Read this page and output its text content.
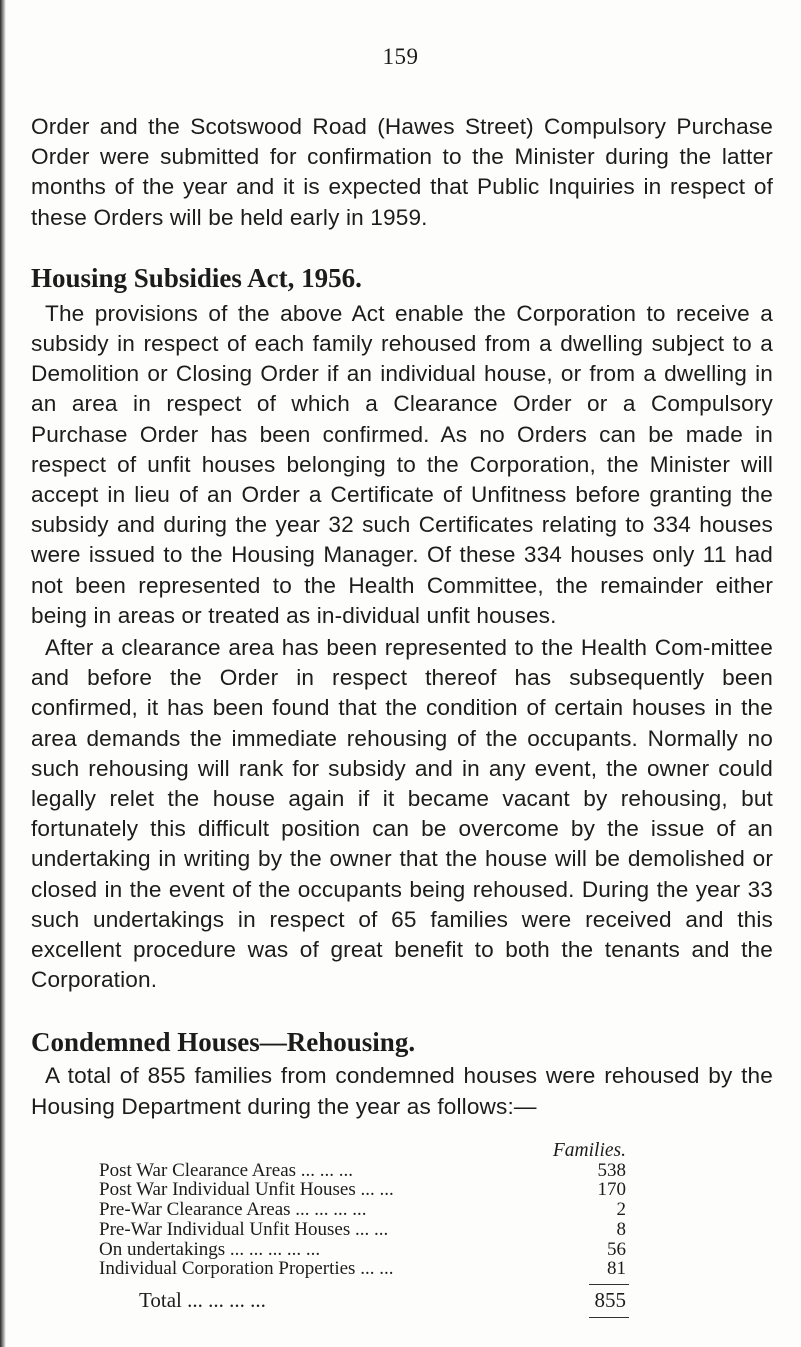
159

Order and the Scotswood Road (Hawes Street) Compulsory Purchase Order were submitted for confirmation to the Minister during the latter months of the year and it is expected that Public Inquiries in respect of these Orders will be held early in 1959.

Housing Subsidies Act, 1956.

The provisions of the above Act enable the Corporation to receive a subsidy in respect of each family rehoused from a dwelling subject to a Demolition or Closing Order if an individual house, or from a dwelling in an area in respect of which a Clearance Order or a Compulsory Purchase Order has been confirmed. As no Orders can be made in respect of unfit houses belonging to the Corporation, the Minister will accept in lieu of an Order a Certificate of Unfitness before granting the subsidy and during the year 32 such Certificates relating to 334 houses were issued to the Housing Manager. Of these 334 houses only 11 had not been represented to the Health Committee, the remainder either being in areas or treated as in-dividual unfit houses.

After a clearance area has been represented to the Health Com-mittee and before the Order in respect thereof has subsequently been confirmed, it has been found that the condition of certain houses in the area demands the immediate rehousing of the occupants. Normally no such rehousing will rank for subsidy and in any event, the owner could legally relet the house again if it became vacant by rehousing, but fortunately this difficult position can be overcome by the issue of an undertaking in writing by the owner that the house will be demolished or closed in the event of the occupants being rehoused. During the year 33 such undertakings in respect of 65 families were received and this excellent procedure was of great benefit to both the tenants and the Corporation.

Condemned Houses—Rehousing.

A total of 855 families from condemned houses were rehoused by the Housing Department during the year as follows:—

Families.
Post War Clearance Areas ... ... ...	538
Post War Individual Unfit Houses ... ...	170
Pre-War Clearance Areas ... ... ... ...	2
Pre-War Individual Unfit Houses ... ...	8
On undertakings ... ... ... ... ...	56
Individual Corporation Properties ... ...	81
Total ... ... ... ...	855
